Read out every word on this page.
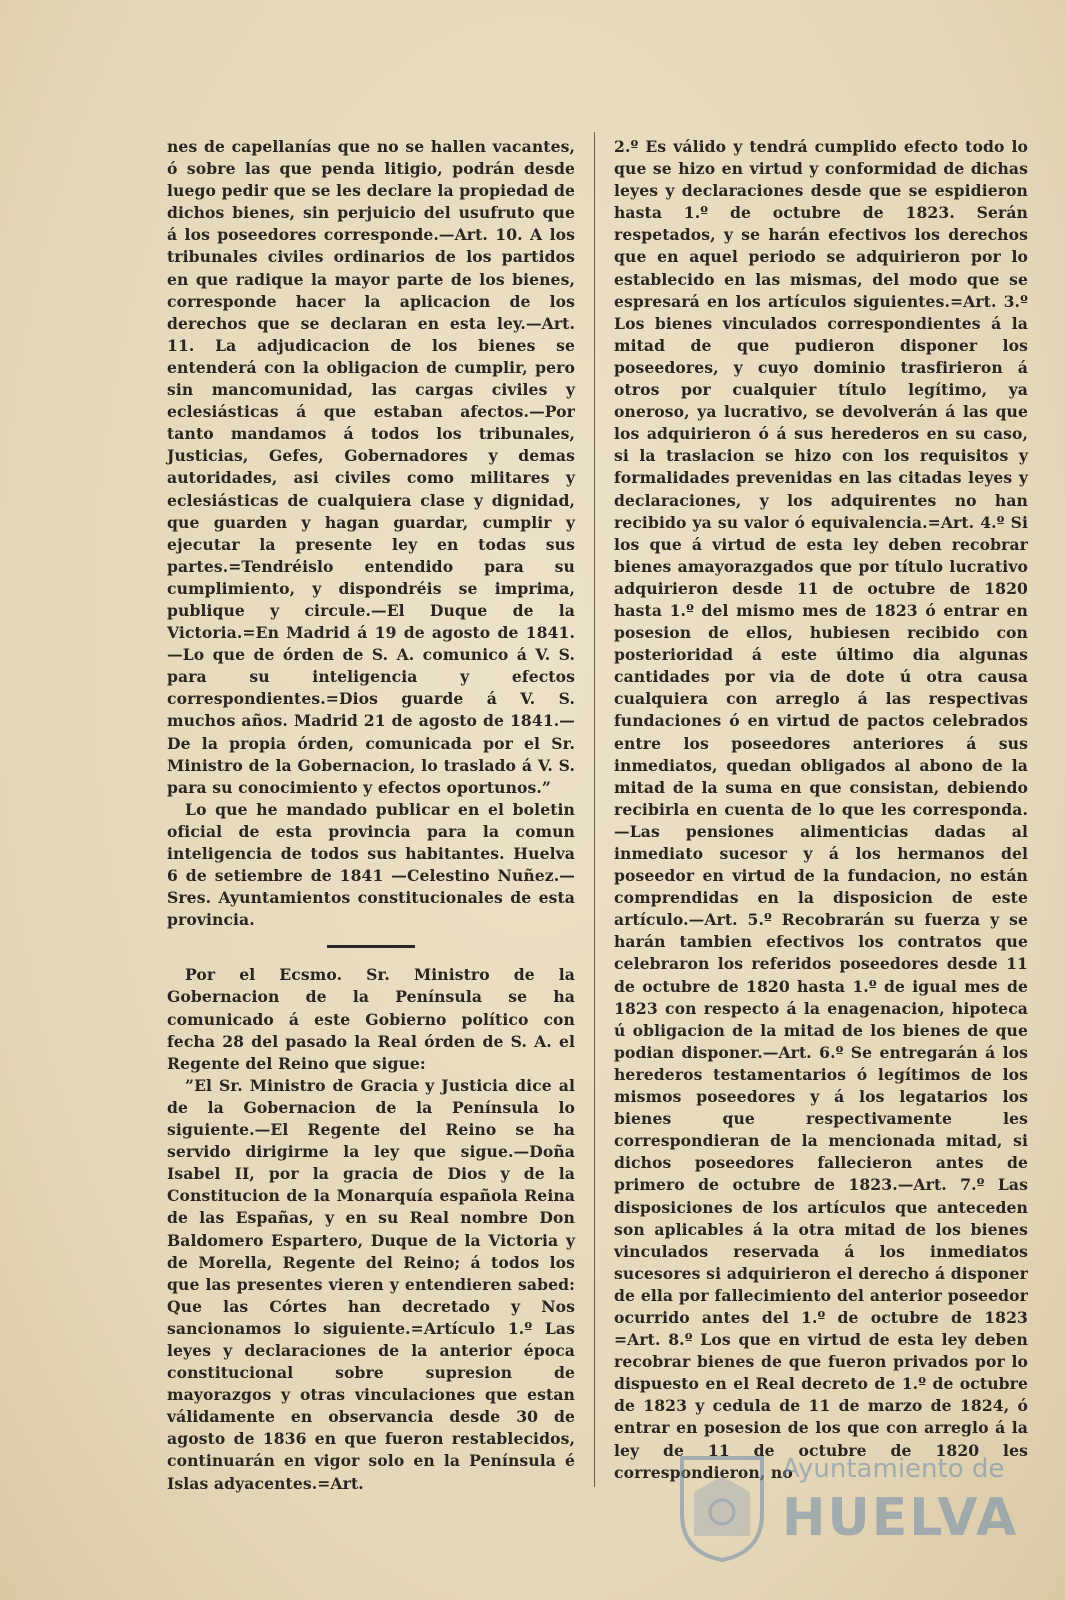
nes de capellanías que no se hallen vacantes, ó sobre las que penda litigio, podrán desde luego pedir que se les declare la propiedad de dichos bienes, sin perjuicio del usufruto que á los poseedores corresponde.—Art. 10. A los tribunales civiles ordinarios de los partidos en que radique la mayor parte de los bienes, corresponde hacer la aplicacion de los derechos que se declaran en esta ley.—Art. 11. La adjudicacion de los bienes se entenderá con la obligacion de cumplir, pero sin mancomunidad, las cargas civiles y eclesiásticas á que estaban afectos.—Por tanto mandamos á todos los tribunales, Justicias, Gefes, Gobernadores y demas autoridades, asi civiles como militares y eclesiásticas de cualquiera clase y dignidad, que guarden y hagan guardar, cumplir y ejecutar la presente ley en todas sus partes.=Tendréislo entendido para su cumplimiento, y dispondréis se imprima, publique y circule.—El Duque de la Victoria.=En Madrid á 19 de agosto de 1841.—Lo que de órden de S. A. comunico á V. S. para su inteligencia y efectos correspondientes.=Dios guarde á V. S. muchos años. Madrid 21 de agosto de 1841.—De la propia órden, comunicada por el Sr. Ministro de la Gobernacion, lo traslado á V. S. para su conocimiento y efectos oportunos.”

Lo que he mandado publicar en el boletin oficial de esta provincia para la comun inteligencia de todos sus habitantes. Huelva 6 de setiembre de 1841 —Celestino Nuñez.— Sres. Ayuntamientos constitucionales de esta provincia.

Por el Ecsmo. Sr. Ministro de la Gobernacion de la Península se ha comunicado á este Gobierno político con fecha 28 del pasado la Real órden de S. A. el Regente del Reino que sigue:

”El Sr. Ministro de Gracia y Justicia dice al de la Gobernacion de la Península lo siguiente.—El Regente del Reino se ha servido dirigirme la ley que sigue.—Doña Isabel II, por la gracia de Dios y de la Constitucion de la Monarquía española Reina de las Españas, y en su Real nombre Don Baldomero Espartero, Duque de la Victoria y de Morella, Regente del Reino; á todos los que las presentes vieren y entendieren sabed: Que las Córtes han decretado y Nos sancionamos lo siguiente.=Artículo 1.º Las leyes y declaraciones de la anterior época constitucional sobre supresion de mayorazgos y otras vinculaciones que estan válidamente en observancia desde 30 de agosto de 1836 en que fueron restablecidos, continuarán en vigor solo en la Península é Islas adyacentes.=Art.

2.º Es válido y tendrá cumplido efecto todo lo que se hizo en virtud y conformidad de dichas leyes y declaraciones desde que se espidieron hasta 1.º de octubre de 1823. Serán respetados, y se harán efectivos los derechos que en aquel periodo se adquirieron por lo establecido en las mismas, del modo que se espresará en los artículos siguientes.=Art. 3.º Los bienes vinculados correspondientes á la mitad de que pudieron disponer los poseedores, y cuyo dominio trasfirieron á otros por cualquier título legítimo, ya oneroso, ya lucrativo, se devolverán á las que los adquirieron ó á sus herederos en su caso, si la traslacion se hizo con los requisitos y formalidades prevenidas en las citadas leyes y declaraciones, y los adquirentes no han recibido ya su valor ó equivalencia.=Art. 4.º Si los que á virtud de esta ley deben recobrar bienes amayorazgados que por título lucrativo adquirieron desde 11 de octubre de 1820 hasta 1.º del mismo mes de 1823 ó entrar en posesion de ellos, hubiesen recibido con posterioridad á este último dia algunas cantidades por via de dote ú otra causa cualquiera con arreglo á las respectivas fundaciones ó en virtud de pactos celebrados entre los poseedores anteriores á sus inmediatos, quedan obligados al abono de la mitad de la suma en que consistan, debiendo recibirla en cuenta de lo que les corresponda.—Las pensiones alimenticias dadas al inmediato sucesor y á los hermanos del poseedor en virtud de la fundacion, no están comprendidas en la disposicion de este artículo.—Art. 5.º Recobrarán su fuerza y se harán tambien efectivos los contratos que celebraron los referidos poseedores desde 11 de octubre de 1820 hasta 1.º de igual mes de 1823 con respecto á la enagenacion, hipoteca ú obligacion de la mitad de los bienes de que podian disponer.—Art. 6.º Se entregarán á los herederos testamentarios ó legítimos de los mismos poseedores y á los legatarios los bienes que respectivamente les correspondieran de la mencionada mitad, si dichos poseedores fallecieron antes de primero de octubre de 1823.—Art. 7.º Las disposiciones de los artículos que anteceden son aplicables á la otra mitad de los bienes vinculados reservada á los inmediatos sucesores si adquirieron el derecho á disponer de ella por fallecimiento del anterior poseedor ocurrido antes del 1.º de octubre de 1823 =Art. 8.º Los que en virtud de esta ley deben recobrar bienes de que fueron privados por lo dispuesto en el Real decreto de 1.º de octubre de 1823 y cedula de 11 de marzo de 1824, ó entrar en posesion de los que con arreglo á la ley de 11 de octubre de 1820 les correspondieron, no

Ayuntamiento de
HUELVA
